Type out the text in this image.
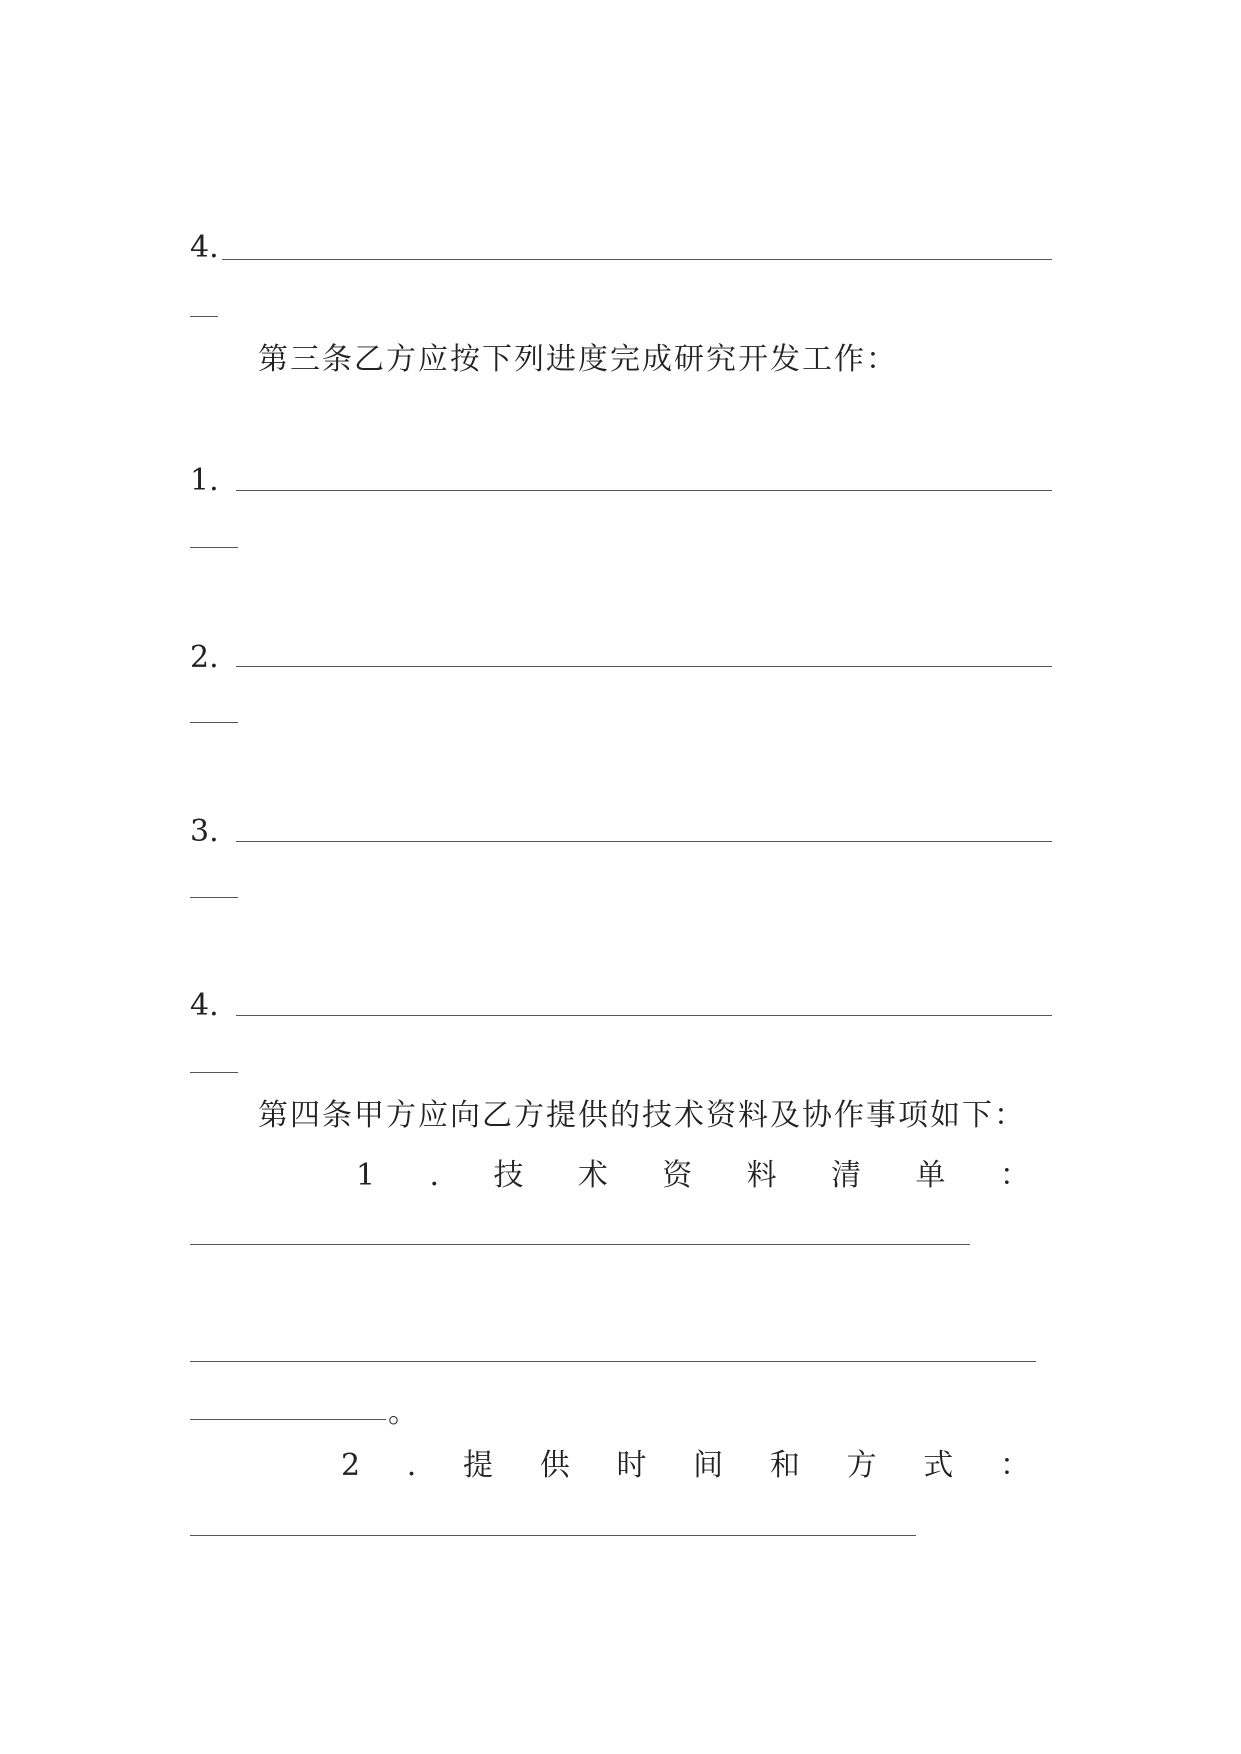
4.
第三条乙方应按下列进度完成研究开发工作：
1.
2.
3.
4.
第四条甲方应向乙方提供的技术资料及协作事项如下：
1 . 技 术 资 料 清 单 ：
。
2 . 提 供 时 间 和 方 式 ：
